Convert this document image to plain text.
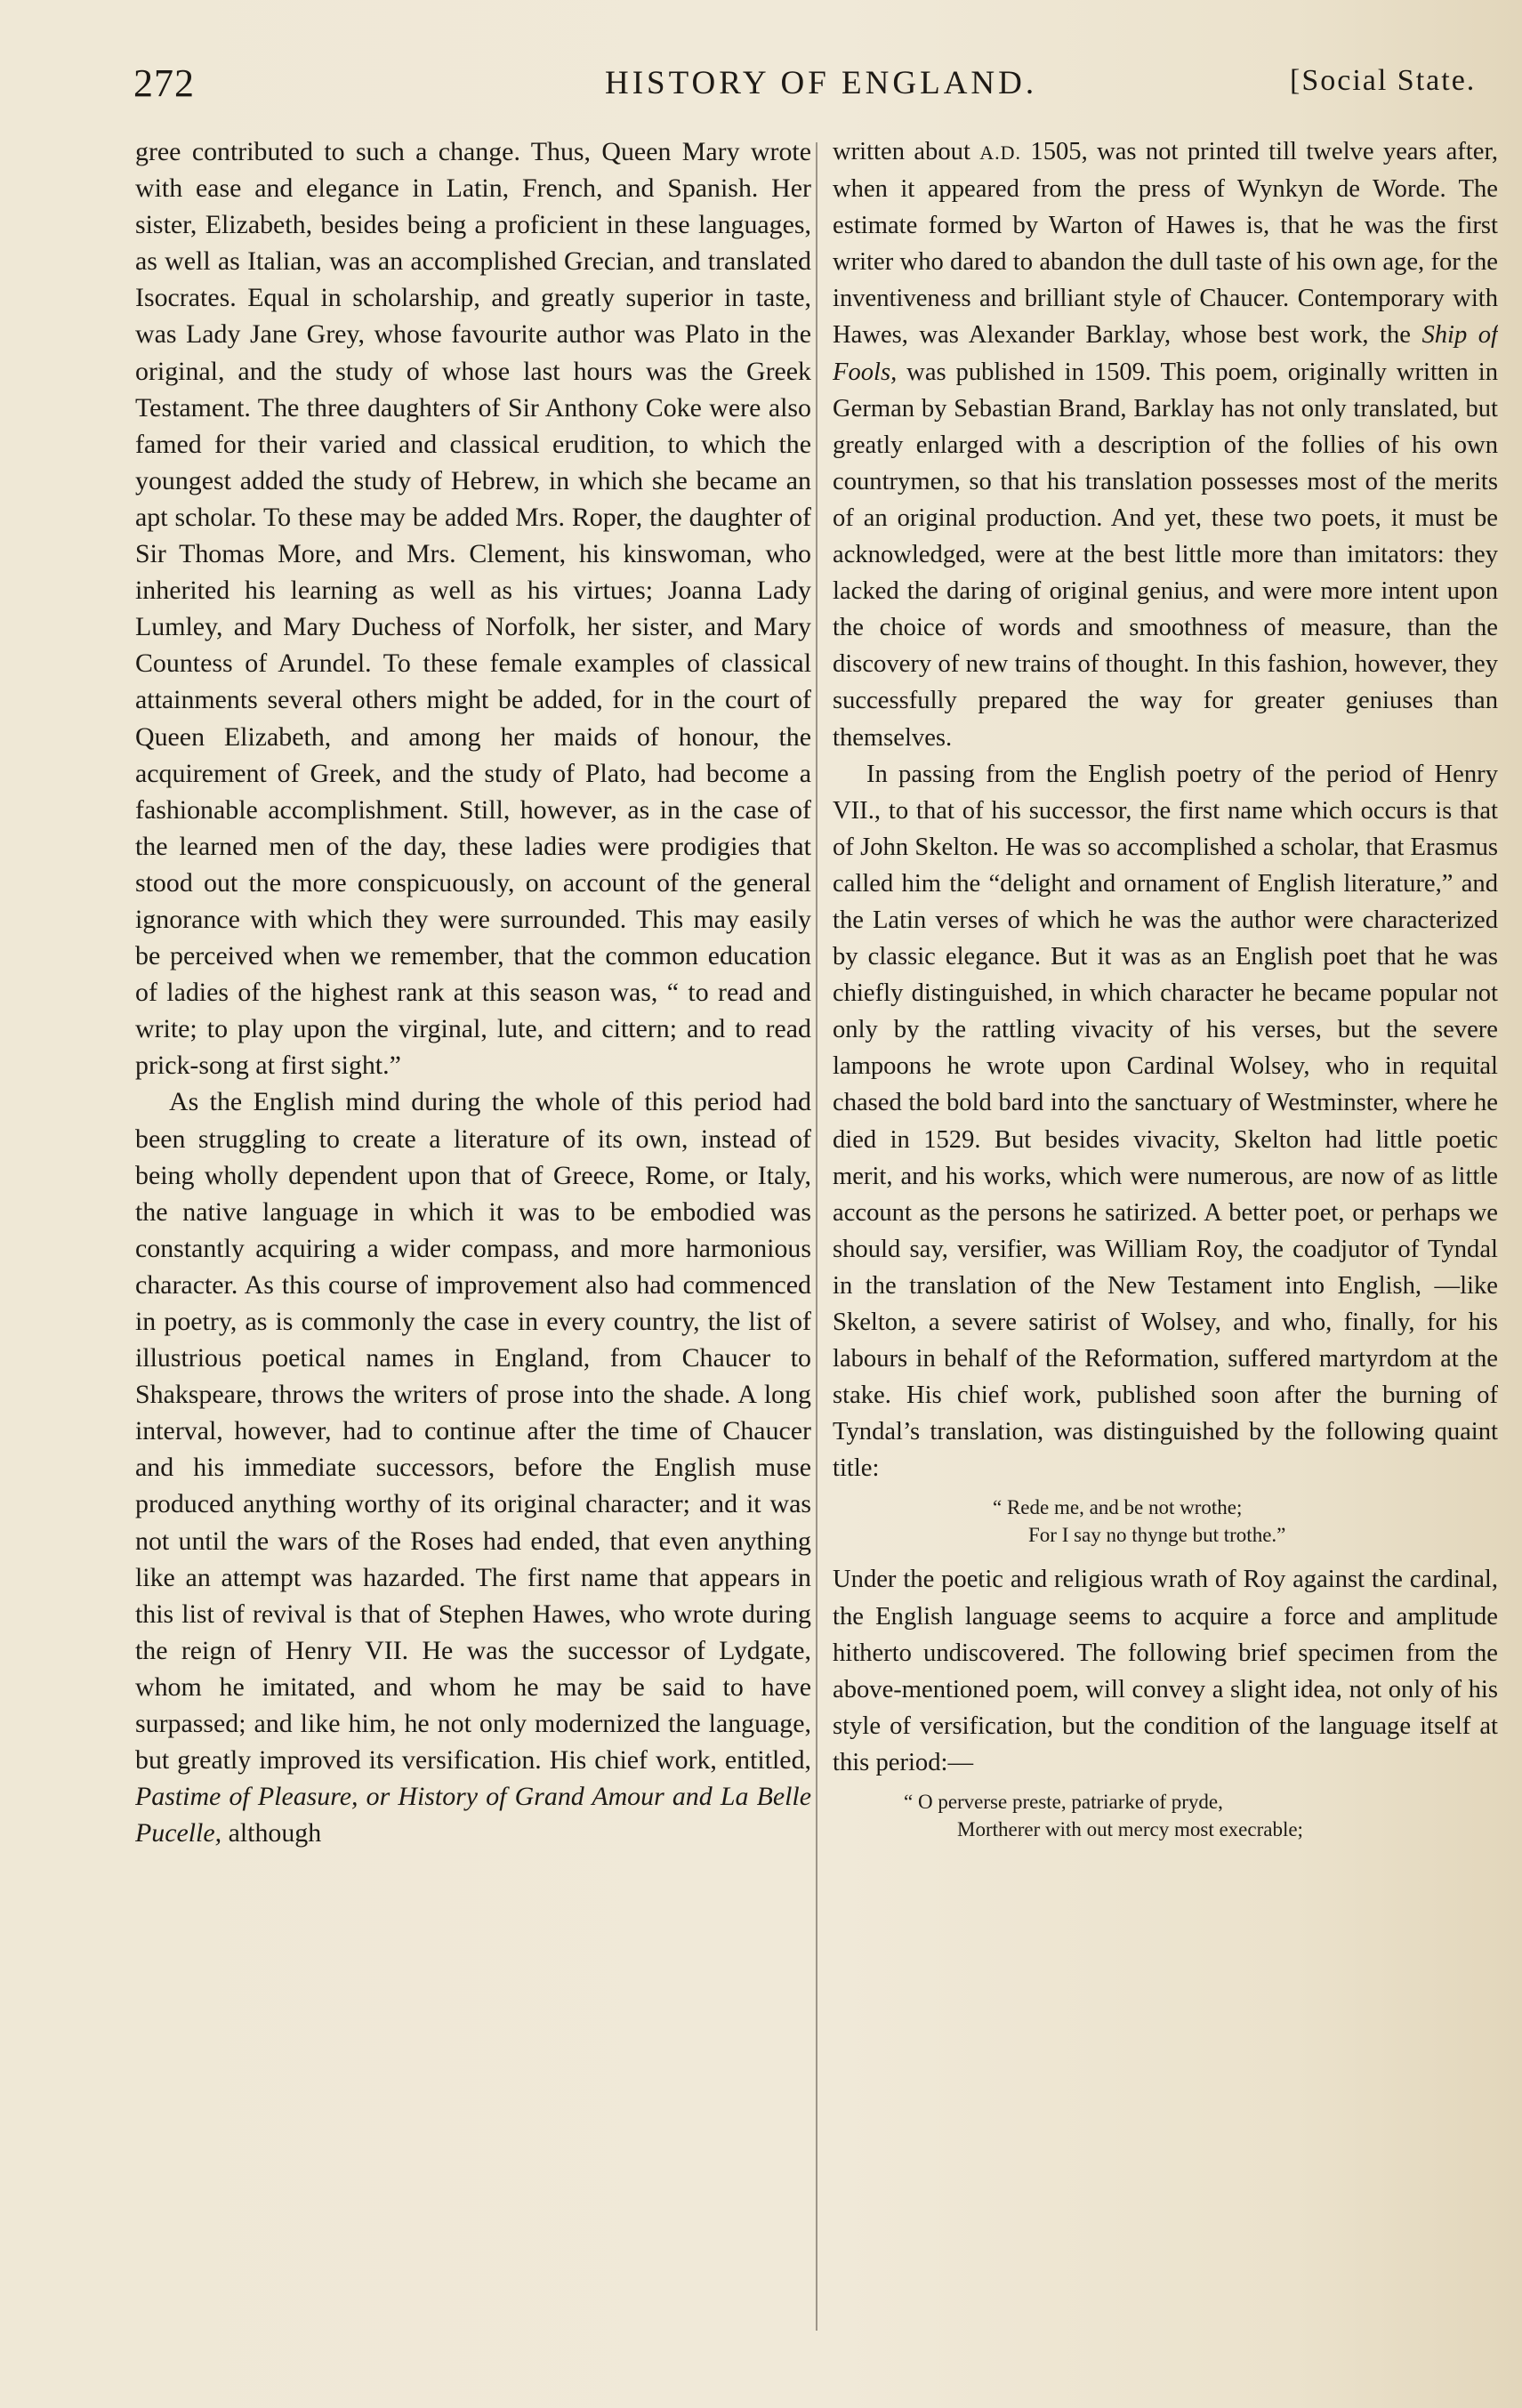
272	HISTORY OF ENGLAND.	[Social State.

gree contributed to such a change. Thus, Queen Mary wrote with ease and elegance in Latin, French, and Spanish. Her sister, Elizabeth, besides being a proficient in these languages, as well as Italian, was an accomplished Grecian, and translated Isocrates. Equal in scholarship, and greatly superior in taste, was Lady Jane Grey, whose favourite author was Plato in the original, and the study of whose last hours was the Greek Testament. The three daughters of Sir Anthony Coke were also famed for their varied and classical erudition, to which the youngest added the study of Hebrew, in which she became an apt scholar. To these may be added Mrs. Roper, the daughter of Sir Thomas More, and Mrs. Clement, his kinswoman, who inherited his learning as well as his virtues; Joanna Lady Lumley, and Mary Duchess of Norfolk, her sister, and Mary Countess of Arundel. To these female examples of classical attainments several others might be added, for in the court of Queen Elizabeth, and among her maids of honour, the acquirement of Greek, and the study of Plato, had become a fashionable accomplishment. Still, however, as in the case of the learned men of the day, these ladies were prodigies that stood out the more conspicuously, on account of the general ignorance with which they were surrounded. This may easily be perceived when we remember, that the common education of ladies of the highest rank at this season was, “ to read and write; to play upon the virginal, lute, and cittern; and to read prick-song at first sight.”

As the English mind during the whole of this period had been struggling to create a literature of its own, instead of being wholly dependent upon that of Greece, Rome, or Italy, the native language in which it was to be embodied was constantly acquiring a wider compass, and more harmonious character. As this course of improvement also had commenced in poetry, as is commonly the case in every country, the list of illustrious poetical names in England, from Chaucer to Shakspeare, throws the writers of prose into the shade. A long interval, however, had to continue after the time of Chaucer and his immediate successors, before the English muse produced anything worthy of its original character; and it was not until the wars of the Roses had ended, that even anything like an attempt was hazarded. The first name that appears in this list of revival is that of Stephen Hawes, who wrote during the reign of Henry VII. He was the successor of Lydgate, whom he imitated, and whom he may be said to have surpassed; and like him, he not only modernized the language, but greatly improved its versification. His chief work, entitled, Pastime of Pleasure, or History of Grand Amour and La Belle Pucelle, although

written about A.D. 1505, was not printed till twelve years after, when it appeared from the press of Wynkyn de Worde. The estimate formed by Warton of Hawes is, that he was the first writer who dared to abandon the dull taste of his own age, for the inventiveness and brilliant style of Chaucer. Contemporary with Hawes, was Alexander Barklay, whose best work, the Ship of Fools, was published in 1509. This poem, originally written in German by Sebastian Brand, Barklay has not only translated, but greatly enlarged with a description of the follies of his own countrymen, so that his translation possesses most of the merits of an original production. And yet, these two poets, it must be acknowledged, were at the best little more than imitators: they lacked the daring of original genius, and were more intent upon the choice of words and smoothness of measure, than the discovery of new trains of thought. In this fashion, however, they successfully prepared the way for greater geniuses than themselves.

In passing from the English poetry of the period of Henry VII., to that of his successor, the first name which occurs is that of John Skelton. He was so accomplished a scholar, that Erasmus called him the “delight and ornament of English literature,” and the Latin verses of which he was the author were characterized by classic elegance. But it was as an English poet that he was chiefly distinguished, in which character he became popular not only by the rattling vivacity of his verses, but the severe lampoons he wrote upon Cardinal Wolsey, who in requital chased the bold bard into the sanctuary of Westminster, where he died in 1529. But besides vivacity, Skelton had little poetic merit, and his works, which were numerous, are now of as little account as the persons he satirized. A better poet, or perhaps we should say, versifier, was William Roy, the coadjutor of Tyndal in the translation of the New Testament into English, —like Skelton, a severe satirist of Wolsey, and who, finally, for his labours in behalf of the Reformation, suffered martyrdom at the stake. His chief work, published soon after the burning of Tyndal’s translation, was distinguished by the following quaint title:

“ Rede me, and be not wrothe;
For I say no thynge but trothe.”

Under the poetic and religious wrath of Roy against the cardinal, the English language seems to acquire a force and amplitude hitherto undiscovered. The following brief specimen from the above-mentioned poem, will convey a slight idea, not only of his style of versification, but the condition of the language itself at this period:—

“ O perverse preste, patriarke of pryde,
Mortherer with out mercy most execrable;
